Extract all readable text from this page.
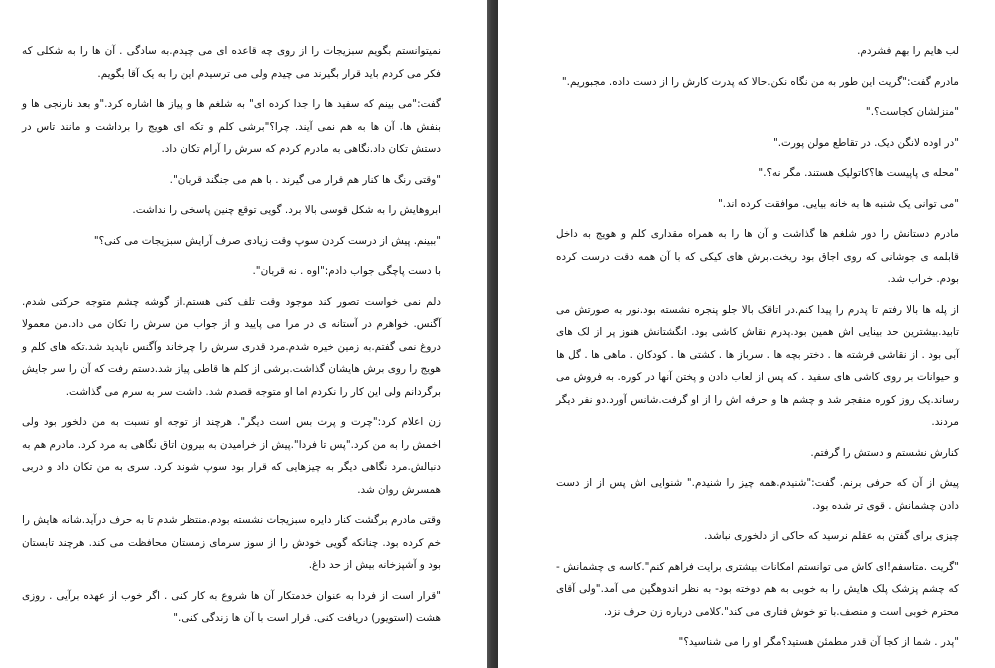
نمیتوانستم بگویم سبزیجات را از روی چه قاعده ای می چیدم.به سادگی . آن ها را به شکلی که فکر می کردم باید قرار بگیرند می چیدم ولی می ترسیدم این را به یک آقا بگویم.

گفت:"می بینم که سفید ها را جدا کرده ای" به شلغم ها و پیاز ها اشاره کرد."و بعد نارنجی ها و بنفش ها. آن ها به هم نمی آیند. چرا؟"برشی کلم و تکه ای هویج را برداشت و مانند تاس در دستش تکان داد.نگاهی به مادرم کردم که سرش را آرام تکان داد.

"وقتی رنگ ها کنار هم قرار می گیرند . با هم می جنگند قربان".

ابروهایش را به شکل قوسی بالا برد. گویی توقع چنین پاسخی را نداشت.

"ببینم. پیش از درست کردن سوپ وقت زیادی صرف آرایش سبزیجات می کنی؟"

با دست پاچگی جواب دادم:"اوه . نه قربان".

دلم نمی خواست تصور کند موجود وقت تلف کنی هستم.از گوشه چشم متوجه حرکتی شدم. آگنس. خواهرم در آستانه ی در مرا می پایید و از جواب من سرش را تکان می داد.من معمولا دروغ نمی گفتم.به زمین خیره شدم.مرد قدری سرش را چرخاند وآگنس ناپدید شد.تکه های کلم و هویج را روی برش هایشان گذاشت.برشی از کلم ها قاطی پیاز شد.دستم رفت که آن را سر جایش برگردانم ولی این کار را نکردم اما او متوجه قصدم شد. داشت سر به سرم می گذاشت.

زن اعلام کرد:"چرت و پرت بس است دیگر". هرچند از توجه او نسبت به من دلخور بود ولی اخمش را به من کرد."پس تا فردا".پیش از خرامیدن به بیرون اتاق نگاهی به مرد کرد. مادرم هم به دنبالش.مرد نگاهی دیگر به چیزهایی که قرار بود سوپ شوند کرد. سری به من تکان داد و دربی همسرش روان شد.

وقتی مادرم برگشت کنار دایره سبزیجات نشسته بودم.منتظر شدم تا به حرف درآید.شانه هایش را خم کرده بود. چنانکه گویی خودش را از سوز سرمای زمستان محافظت می کند. هرچند تابستان بود و آشپزخانه بیش از حد داغ.

"قرار است از فردا به عنوان خدمتکار آن ها شروع به کار کنی . اگر خوب از عهده برآیی . روزی هشت (استویور) دریافت کنی. قرار است با آن ها زندگی کنی."

لب هایم را بهم فشردم.

مادرم گفت:"گریت این طور به من نگاه نکن.حالا که پدرت کارش را از دست داده. مجبوریم."

"منزلشان کجاست؟."

"در اوده لانگن دیک. در تقاطع مولن پورت."

"محله ی پاپیست ها؟کاتولیک هستند. مگر نه؟."

"می توانی یک شنبه ها به خانه بیایی. موافقت کرده اند."

مادرم دستانش را دور شلغم ها گذاشت و آن ها را به همراه مقداری کلم و هویج به داخل قابلمه ی جوشانی که روی اجاق بود ریخت.برش های کیکی که با آن همه دقت درست کرده بودم. خراب شد.

از پله ها بالا رفتم تا پدرم را پیدا کنم.در اتاقک بالا جلو پنجره نشسته بود.نور به صورتش می تابید.بیشترین حد بینایی اش همین بود.پدرم نقاش کاشی بود. انگشتانش هنوز پر از لک های آبی بود . از نقاشی فرشته ها . دختر بچه ها . سرباز ها . کشتی ها . کودکان . ماهی ها . گل ها و حیوانات بر روی کاشی های سفید . که پس از لعاب دادن و پختن آنها در کوره. به فروش می رساند.یک روز کوره منفجر شد و چشم ها و حرفه اش را از او گرفت.شانس آورد.دو نفر دیگر مردند.

کنارش نشستم و دستش را گرفتم.

پیش از آن که حرفی برنم. گفت:"شنیدم.همه چیز را شنیدم." شنوایی اش پس از از دست دادن چشمانش . قوی تر شده بود.

چیزی برای گفتن به عقلم نرسید که حاکی از دلخوری نباشد.

"گریت .متاسفم!ای کاش می توانستم امکانات بیشتری برایت فراهم کنم".کاسه ی چشمانش - که چشم پزشک پلک هایش را به خوبی به هم دوخته بود- به نظر اندوهگین می آمد."ولی آقای محترم خوبی است و منصف.با تو خوش فتاری می کند".کلامی درباره زن حرف نزد.

"پدر . شما از کجا آن قدر مطمئن هستید؟مگر او را می شناسید؟"
